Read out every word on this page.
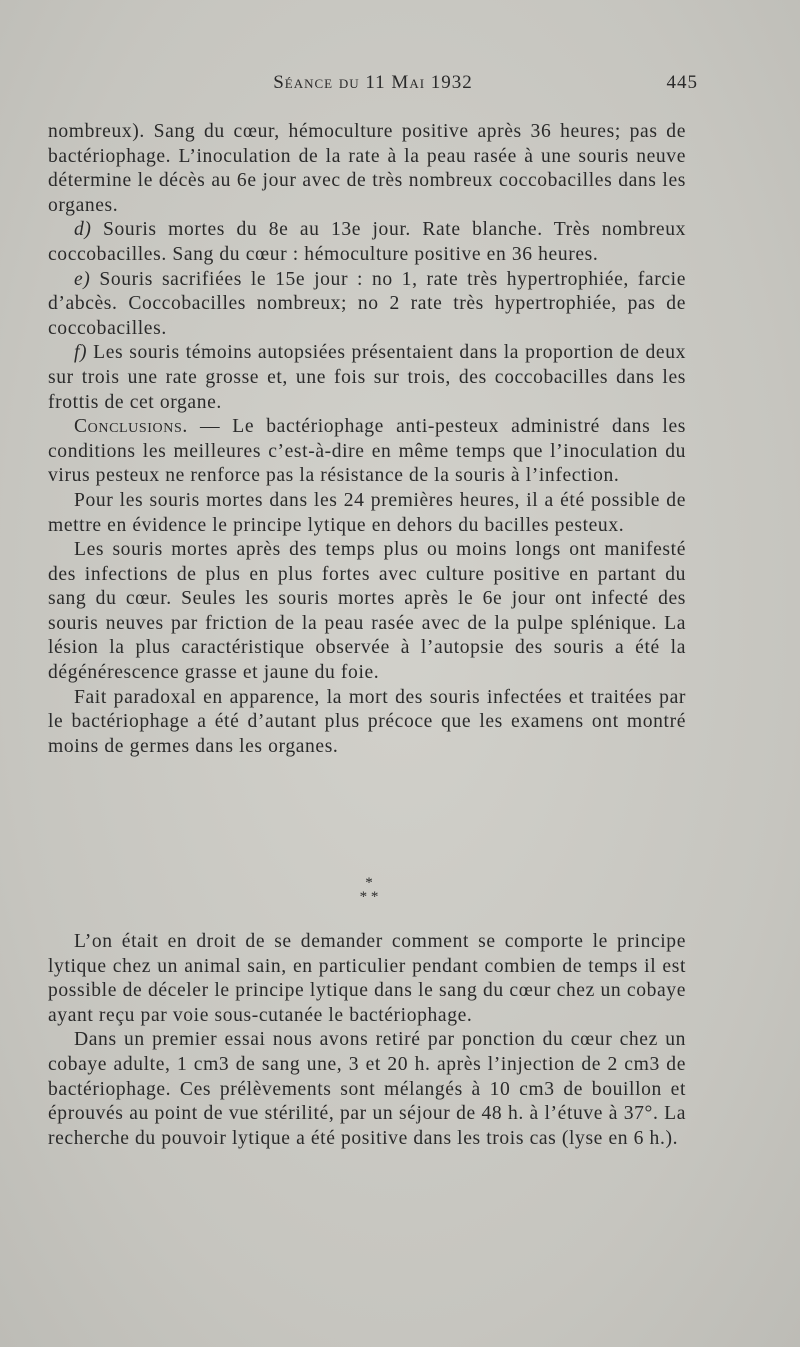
Séance du 11 Mai 1932	445

nombreux). Sang du cœur, hémoculture positive après 36 heures; pas de bactériophage. L’inoculation de la rate à la peau rasée à une souris neuve détermine le décès au 6e jour avec de très nombreux coccobacilles dans les organes.

d) Souris mortes du 8e au 13e jour. Rate blanche. Très nombreux coccobacilles. Sang du cœur : hémoculture positive en 36 heures.

e) Souris sacrifiées le 15e jour : no 1, rate très hypertrophiée, farcie d’abcès. Coccobacilles nombreux; no 2 rate très hypertrophiée, pas de coccobacilles.

f) Les souris témoins autopsiées présentaient dans la proportion de deux sur trois une rate grosse et, une fois sur trois, des coccobacilles dans les frottis de cet organe.

Conclusions. — Le bactériophage anti-pesteux administré dans les conditions les meilleures c’est-à-dire en même temps que l’inoculation du virus pesteux ne renforce pas la résistance de la souris à l’infection.

Pour les souris mortes dans les 24 premières heures, il a été possible de mettre en évidence le principe lytique en dehors du bacilles pesteux.

Les souris mortes après des temps plus ou moins longs ont manifesté des infections de plus en plus fortes avec culture positive en partant du sang du cœur. Seules les souris mortes après le 6e jour ont infecté des souris neuves par friction de la peau rasée avec de la pulpe splénique. La lésion la plus caractéristique observée à l’autopsie des souris a été la dégénérescence grasse et jaune du foie.

Fait paradoxal en apparence, la mort des souris infectées et traitées par le bactériophage a été d’autant plus précoce que les examens ont montré moins de germes dans les organes.

*
* *

L’on était en droit de se demander comment se comporte le principe lytique chez un animal sain, en particulier pendant combien de temps il est possible de déceler le principe lytique dans le sang du cœur chez un cobaye ayant reçu par voie sous-cutanée le bactériophage.

Dans un premier essai nous avons retiré par ponction du cœur chez un cobaye adulte, 1 cm3 de sang une, 3 et 20 h. après l’injection de 2 cm3 de bactériophage. Ces prélèvements sont mélangés à 10 cm3 de bouillon et éprouvés au point de vue stérilité, par un séjour de 48 h. à l’étuve à 37°. La recherche du pouvoir lytique a été positive dans les trois cas (lyse en 6 h.).
